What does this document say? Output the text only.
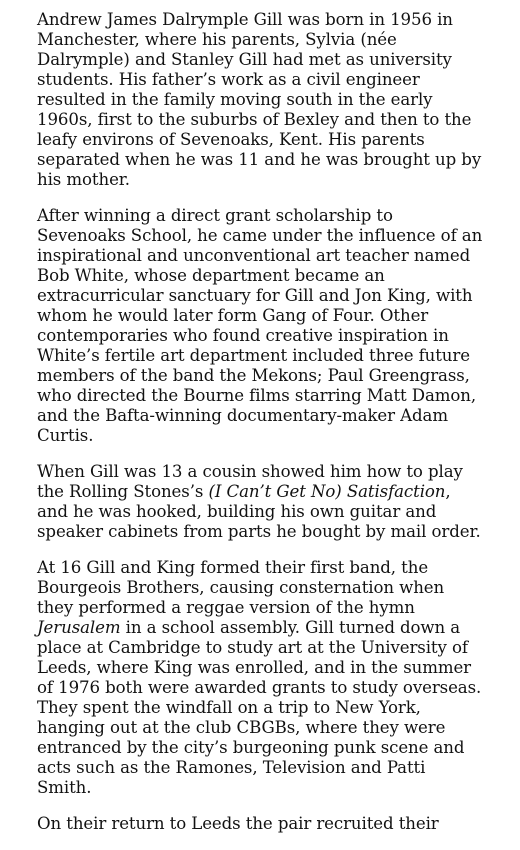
Andrew James Dalrymple Gill was born in 1956 in Manchester, where his parents, Sylvia (née Dalrymple) and Stanley Gill had met as university students. His father’s work as a civil engineer resulted in the family moving south in the early 1960s, first to the suburbs of Bexley and then to the leafy environs of Sevenoaks, Kent. His parents separated when he was 11 and he was brought up by his mother.

After winning a direct grant scholarship to Sevenoaks School, he came under the influence of an inspirational and unconventional art teacher named Bob White, whose department became an extracurricular sanctuary for Gill and Jon King, with whom he would later form Gang of Four. Other contemporaries who found creative inspiration in White’s fertile art department included three future members of the band the Mekons; Paul Greengrass, who directed the Bourne films starring Matt Damon, and the Bafta-winning documentary-maker Adam Curtis.

When Gill was 13 a cousin showed him how to play the Rolling Stones’s (I Can’t Get No) Satisfaction, and he was hooked, building his own guitar and speaker cabinets from parts he bought by mail order.

At 16 Gill and King formed their first band, the Bourgeois Brothers, causing consternation when they performed a reggae version of the hymn Jerusalem in a school assembly. Gill turned down a place at Cambridge to study art at the University of Leeds, where King was enrolled, and in the summer of 1976 both were awarded grants to study overseas. They spent the windfall on a trip to New York, hanging out at the club CBGBs, where they were entranced by the city’s burgeoning punk scene and acts such as the Ramones, Television and Patti Smith.

On their return to Leeds the pair recruited their
